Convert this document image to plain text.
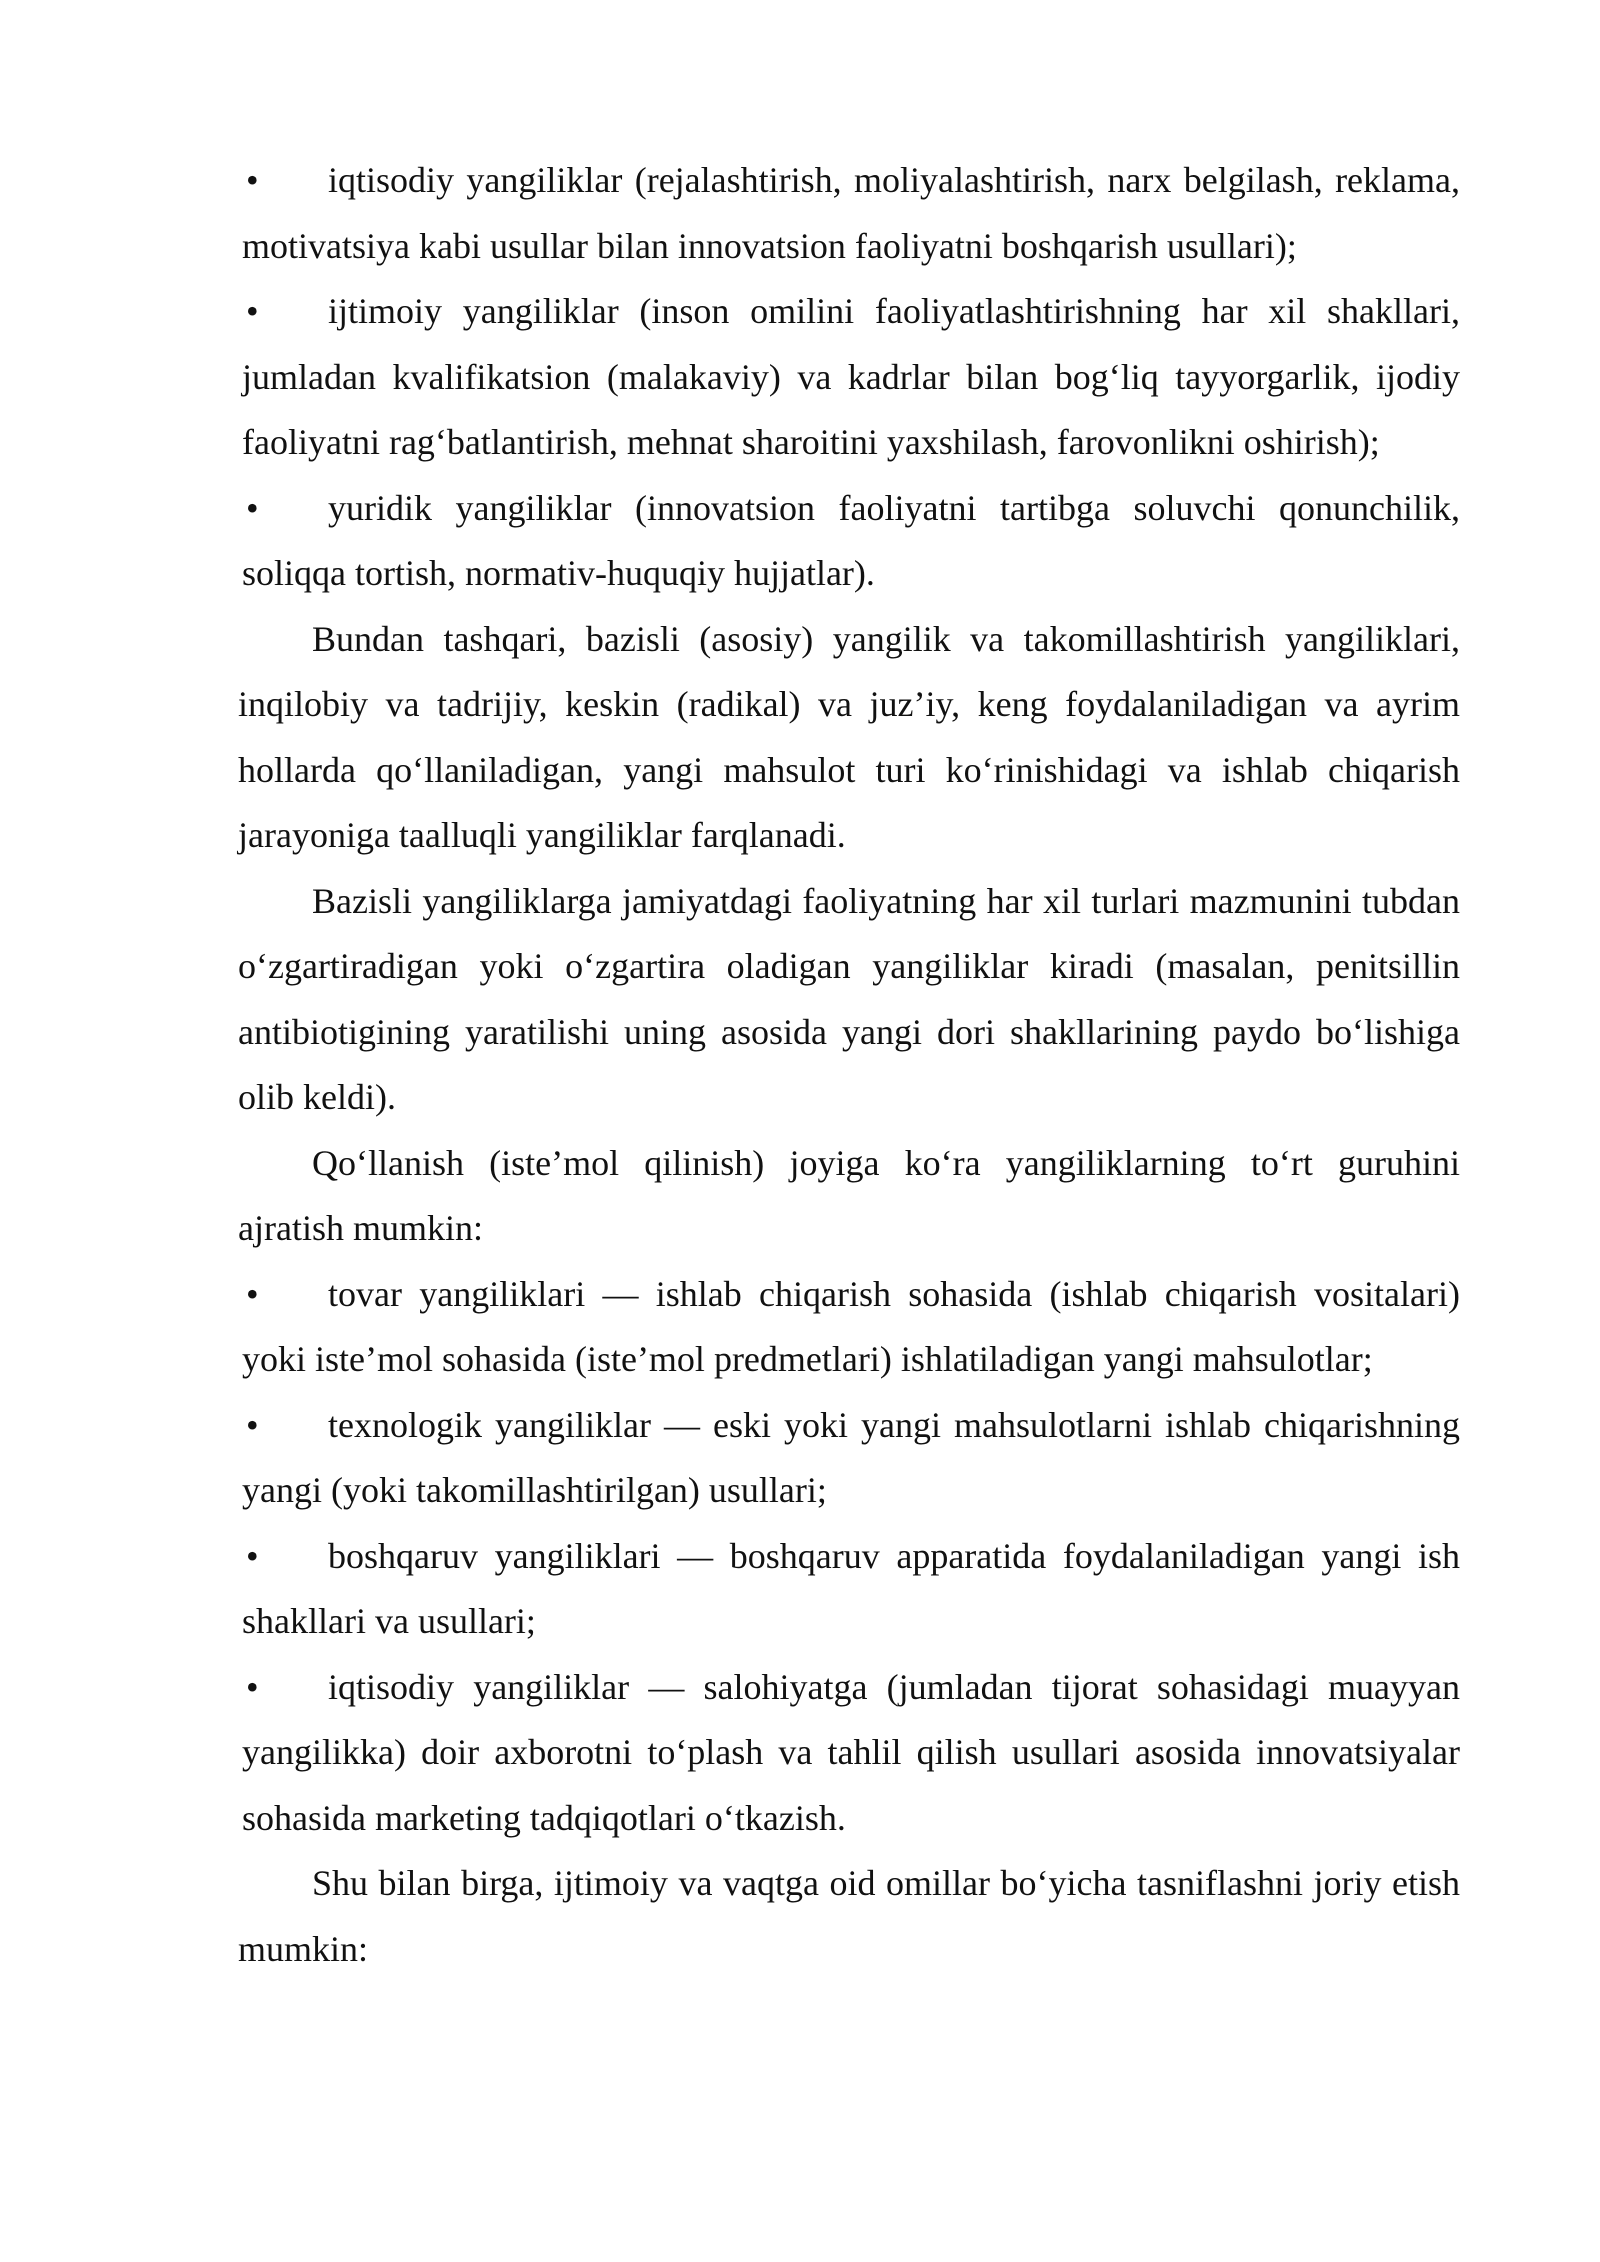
• iqtisodiy yangiliklar (rejalashtirish, moliyalashtirish, narx belgilash, reklama, motivatsiya kabi usullar bilan innovatsion faoliyatni boshqarish usullari);
• ijtimoiy yangiliklar (inson omilini faoliyatlashtirishning har xil shakllari, jumladan kvalifikatsion (malakaviy) va kadrlar bilan bog‘liq tayyorgarlik, ijodiy faoliyatni rag‘batlantirish, mehnat sharoitini yaxshilash, farovonlikni oshirish);
• yuridik yangiliklar (innovatsion faoliyatni tartibga soluvchi qonunchilik, soliqqa tortish, normativ-huquqiy hujjatlar).
Bundan tashqari, bazisli (asosiy) yangilik va takomillashtirish yangiliklari, inqilobiy va tadrijiy, keskin (radikal) va juz’iy, keng foydalaniladigan va ayrim hollarda qo‘llaniladigan, yangi mahsulot turi ko‘rinishidagi va ishlab chiqarish jarayoniga taalluqli yangiliklar farqlanadi.
Bazisli yangiliklarga jamiyatdagi faoliyatning har xil turlari mazmunini tubdan o‘zgartiradigan yoki o‘zgartira oladigan yangiliklar kiradi (masalan, penitsillin antibiotigining yaratilishi uning asosida yangi dori shakllarining paydo bo‘lishiga olib keldi).
Qo‘llanish (iste’mol qilinish) joyiga ko‘ra yangiliklarning to‘rt guruhini ajratish mumkin:
• tovar yangiliklari — ishlab chiqarish sohasida (ishlab chiqarish vositalari) yoki iste’mol sohasida (iste’mol predmetlari) ishlatiladigan yangi mahsulotlar;
• texnologik yangiliklar — eski yoki yangi mahsulotlarni ishlab chiqarishning yangi (yoki takomillashtirilgan) usullari;
• boshqaruv yangiliklari — boshqaruv apparatida foydalaniladigan yangi ish shakllari va usullari;
• iqtisodiy yangiliklar — salohiyatga (jumladan tijorat sohasidagi muayyan yangilikka) doir axborotni to‘plash va tahlil qilish usullari asosida innovatsiyalar sohasida marketing tadqiqotlari o‘tkazish.
Shu bilan birga, ijtimoiy va vaqtga oid omillar bo‘yicha tasniflashni joriy etish mumkin:
